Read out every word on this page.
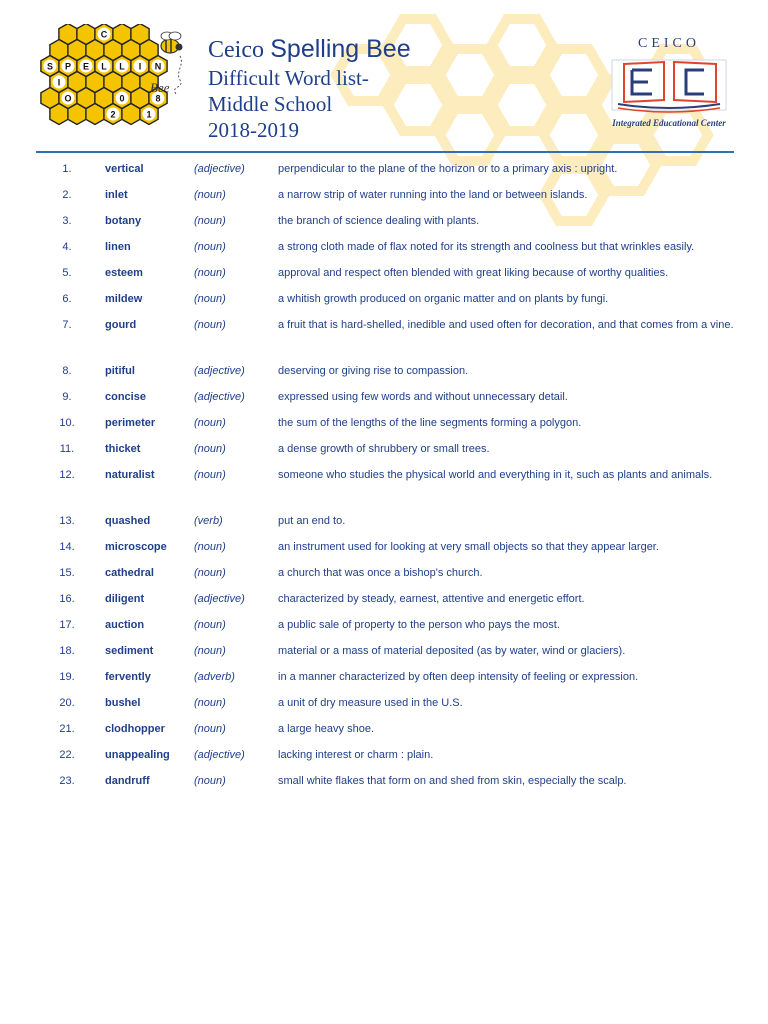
C
S P E L L I N
I
O	0	8
2	1
Bee
Ceico Spelling Bee
Difficult Word list-
Middle School
2018-2019
CEICO
Integrated Educational Center
1.	vertical	(adjective)	perpendicular to the plane of the horizon or to a primary axis : upright.
2.	inlet	(noun)	a narrow strip of water running into the land or between islands.
3.	botany	(noun)	the branch of science dealing with plants.
4.	linen	(noun)	a strong cloth made of flax noted for its strength and coolness but that wrinkles easily.
5.	esteem	(noun)	approval and respect often blended with great liking because of worthy qualities.
6.	mildew	(noun)	a whitish growth produced on organic matter and on plants by fungi.
7.	gourd	(noun)	a fruit that is hard-shelled, inedible and used often for decoration, and that comes from a vine.
8.	pitiful	(adjective)	deserving or giving rise to compassion.
9.	concise	(adjective)	expressed using few words and without unnecessary detail.
10.	perimeter	(noun)	the sum of the lengths of the line segments forming a polygon.
11.	thicket	(noun)	a dense growth of shrubbery or small trees.
12.	naturalist	(noun)	someone who studies the physical world and everything in it, such as plants and animals.
13.	quashed	(verb)	put an end to.
14.	microscope (noun)	an instrument used for looking at very small objects so that they appear larger.
15.	cathedral	(noun)	a church that was once a bishop's church.
16.	diligent	(adjective)	characterized by steady, earnest, attentive and energetic effort.
17.	auction	(noun)	a public sale of property to the person who pays the most.
18.	sediment	(noun)	material or a mass of material deposited (as by water, wind or glaciers).
19.	fervently	(adverb)	in a manner characterized by often deep intensity of feeling or expression.
20.	bushel	(noun)	a unit of dry measure used in the U.S.
21.	clodhopper	(noun)	a large heavy shoe.
22.	unappealing (adjective)	lacking interest or charm : plain.
23.	dandruff	(noun)	small white flakes that form on and shed from skin, especially the scalp.
